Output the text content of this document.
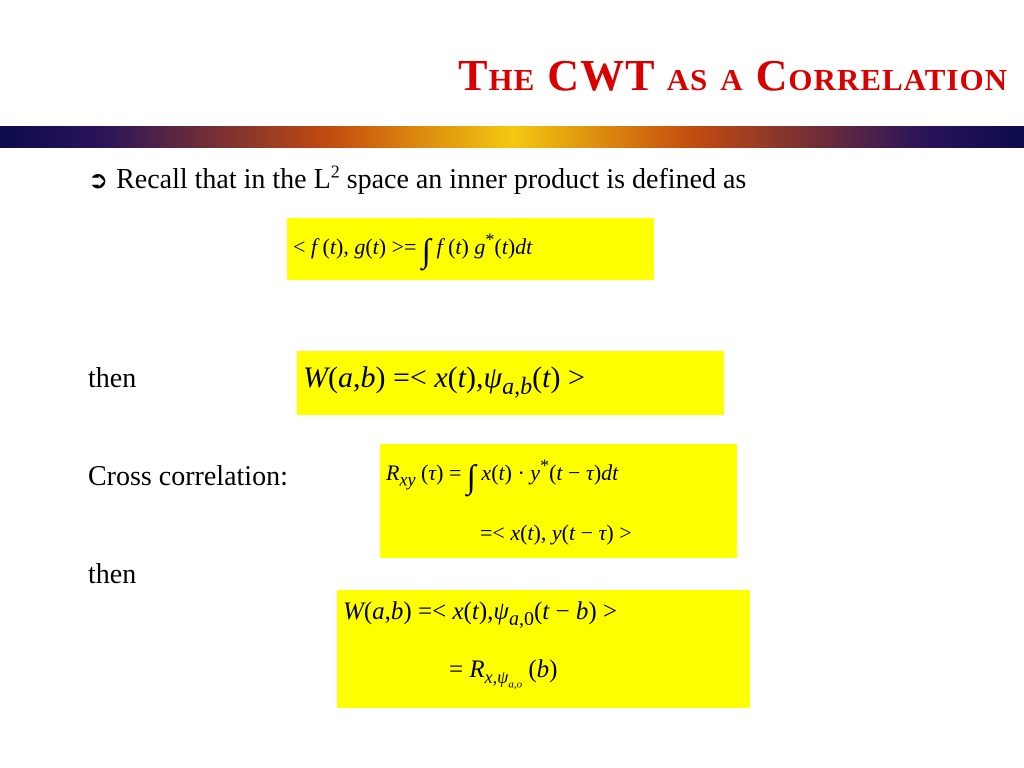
The CWT as a Correlation
➲ Recall that in the $L^2$ space an inner product is defined as
< f (t), g(t) >= ∫ f (t) g*(t)dt
then	$W(a,b) =< x(t),\psi_{a,b}(t)$ >
Cross correlation:	$R_{xy}$ (τ) = ∫ x(t) · y*(t − τ)dt
=< x(t), y(t − τ) >
then
$W(a,b) =< x(t),\psi_{a,0}(t - b)$ >
= $R_{x,\psi_{a,o}}$ (b)
